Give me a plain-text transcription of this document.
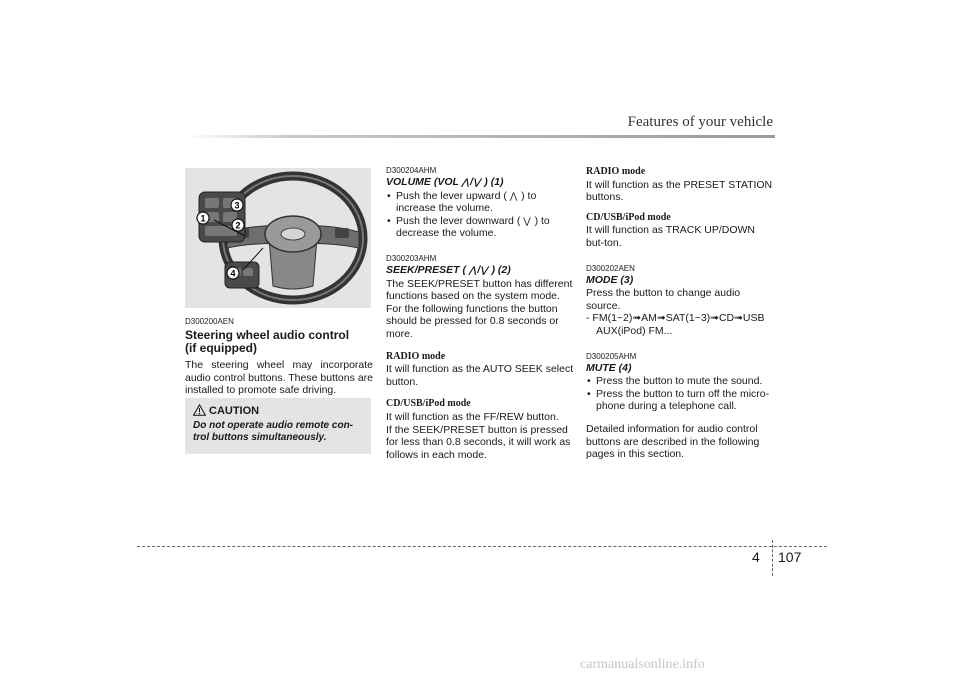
Features of your vehicle
1
3
2
4

D300200AEN

Steering wheel audio control
(if equipped)

The steering wheel may incorporate audio control buttons. These buttons are installed to promote safe driving.

CAUTION
Do not operate audio remote con-trol buttons simultaneously.

D300204AHM

VOLUME (VOL ⋀/⋁ ) (1)

• Push the lever upward ( ⋀ ) to
increase the volume.
• Push the lever downward ( ⋁ ) to
decrease the volume.

D300203AHM

SEEK/PRESET ( ⋀/⋁ ) (2)

The SEEK/PRESET button has different functions based on the system mode. For the following functions the button should be pressed for 0.8 seconds or more.

RADIO mode

It will function as the AUTO SEEK select button.

CD/USB/iPod mode

It will function as the FF/REW button.

If the SEEK/PRESET button is pressed for less than 0.8 seconds, it will work as follows in each mode.

RADIO mode

It will function as the PRESET STATION buttons.

CD/USB/iPod mode

It will function as TRACK UP/DOWN but-ton.

D300202AEN

MODE (3)

Press the button to change audio source.

- FM(1~2)➟AM➟SAT(1~3)➟CD➟USB
AUX(iPod) FM...

D300205AHM

MUTE (4)

• Press the button to mute the sound.
• Press the button to turn off the micro-
phone during a telephone call.

Detailed information for audio control buttons are described in the following pages in this section.

4 107
carmanualsonline.info
